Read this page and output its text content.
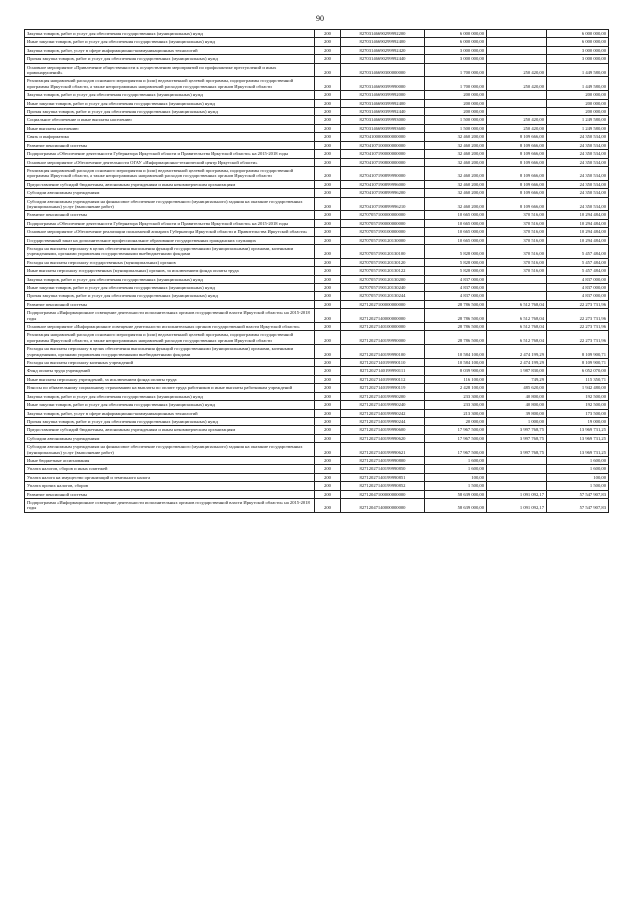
90
Закупка товаров, работ и услуг для обеспечения государственных (муниципальных) нужд	200	82703146690299992200	6 000 000,00		6 000 000,00
Иные закупки товаров, работ и услуг для обеспечения государственных (муниципальных) нужд	200	82703146690299992400	6 000 000,00		6 000 000,00
Закупка товаров, работ, услуг в сфере информационно-коммуникационных технологий	200	82703146690299992420	3 000 000,00		3 000 000,00
Прочая закупка товаров, работ и услуг для обеспечения государственных (муниципальных) нужд	200	82703146690299992440	3 000 000,00		3 000 000,00
Основное мероприятие «Привлечение общественности к осуществлению мероприятий по профилактике преступлений и иных правонарушений»	200	82703146690300000000	1 700 000,00	250 420,00	1 449 580,00
Реализация направлений расходов основного мероприятия и (или) ведомственной целевой программы, подпрограммы государственной программы Иркутской области, а также непрограммных направлений расходов государственных органов Иркутской области	200	82703146690399990000	1 700 000,00	250 420,00	1 449 580,00
Закупка товаров, работ и услуг для обеспечения государственных (муниципальных) нужд	200	82703146690399992000	200 000,00		200 000,00
Иные закупки товаров, работ и услуг для обеспечения государственных (муниципальных) нужд	200	82703146690399992400	200 000,00		200 000,00
Прочая закупка товаров, работ и услуг для обеспечения государственных (муниципальных) нужд	200	82703146690399992440	200 000,00		200 000,00
Социальное обеспечение и иные выплаты населению	200	82703146690399993000	1 500 000,00	250 420,00	1 249 580,00
Иные выплаты населению	200	82703146690399993600	1 500 000,00	250 420,00	1 249 580,00
Связь и информатика	200	82704100000000000000	32 460 200,00	8 109 666,00	24 350 534,00
Развитие пенсионной системы	200	82704107100000000000	32 460 200,00	8 109 666,00	24 350 534,00
Подпрограмма «Обеспечение деятельности Губернатора Иркутской области и Правительства Иркутской области» на 2015-2018 годы	200	82704107190000000000	32 460 200,00	8 109 666,00	24 350 534,00
Основное мероприятие «Обеспечение деятельности ОГАУ «Информационно-технический центр Иркутской области»	200	82704107190800000000	32 460 200,00	8 109 666,00	24 350 534,00
Реализация направлений расходов основного мероприятия и (или) ведомственной целевой программы, подпрограммы государственной программы Иркутской области, а также непрограммных направлений расходов государственных органов Иркутской области	200	82704107190899990000	32 460 200,00	8 109 666,00	24 350 534,00
Предоставление субсидий бюджетным, автономным учреждениям и иным некоммерческим организациям	200	82704107190899996000	32 460 200,00	8 109 666,00	24 350 534,00
Субсидии автономным учреждениям	200	82704107190899996200	32 460 200,00	8 109 666,00	24 350 534,00
Субсидии автономным учреждениям на финансовое обеспечение государственного (муниципального) задания на оказание государственных (муниципальных) услуг (выполнение работ)	200	82704107190899996210	32 460 200,00	8 109 666,00	24 350 534,00
Развитие пенсионной системы	200	82707057100000000000	10 665 000,00	370 516,00	10 294 484,00
Подпрограмма «Обеспечение деятельности Губернатора Иркутской области и Правительства Иркутской области» на 2015-2018 годы	200	82707057190000000000	10 665 000,00	370 516,00	10 294 484,00
Основное мероприятие «Обеспечение реализации полномочий аппарата Губернатора Иркутской области и Правительства Иркутской области»	200	82707057190100000000	10 665 000,00	370 516,00	10 294 484,00
Государственный заказ на дополнительное профессиональное образование государственных гражданских служащих	200	82707057190120130000	10 665 000,00	370 516,00	10 294 484,00
Расходы на выплаты персоналу в целях обеспечения выполнения функций государственными (муниципальными) органами, казенными учреждениями, органами управления государственными внебюджетными фондами	200	82707057190120130100	5 828 000,00	370 516,00	5 457 484,00
Расходы на выплаты персоналу государственных (муниципальных) органов	200	82707057190120130120	5 828 000,00	370 516,00	5 457 484,00
Иные выплаты персоналу государственных (муниципальных) органов, за исключением фонда оплаты труда	200	82707057190120130122	5 828 000,00	370 516,00	5 457 484,00
Закупка товаров, работ и услуг для обеспечения государственных (муниципальных) нужд	200	82707057190120130200	4 837 000,00		4 837 000,00
Иные закупки товаров, работ и услуг для обеспечения государственных (муниципальных) нужд	200	82707057190120130240	4 837 000,00		4 837 000,00
Прочая закупка товаров, работ и услуг для обеспечения государственных (муниципальных) нужд	200	82707057190120130244	4 837 000,00		4 837 000,00
Развитие пенсионной системы	200	82712027100000000000	28 786 500,00	6 512 768,04	22 273 731,96
Подпрограмма «Информационное освещение деятельности исполнительных органов государственной власти Иркутской области» на 2015-2018 годы	200	82712027140000000000	28 786 500,00	6 512 768,04	22 273 731,96
Основное мероприятие «Информационное освещение деятельности исполнительных органов государственной власти Иркутской области»	200	82712027140100000000	28 786 500,00	6 512 768,04	22 273 731,96
Реализация направлений расходов основного мероприятия и (или) ведомственной целевой программы, подпрограммы государственной программы Иркутской области, а также непрограммных направлений расходов государственных органов Иркутской области	200	82712027140199990000	28 786 500,00	6 512 768,04	22 273 731,96
Расходы на выплаты персоналу в целях обеспечения выполнения функций государственными (муниципальными) органами, казенными учреждениями, органами управления государственными внебюджетными фондами	200	82712027140199990100	10 584 100,00	2 474 199,29	8 109 900,71
Расходы на выплаты персоналу казенных учреждений	200	82712027140199990110	10 584 100,00	2 474 199,29	8 109 900,71
Фонд оплаты труда учреждений	200	82712027140199990111	8 039 900,00	1 987 830,00	6 052 070,00
Иные выплаты персоналу учреждений, за исключением фонда оплаты труда	200	82712027140199990112	116 100,00	749,29	115 350,71
Взносы по обязательному социальному страхованию на выплаты по оплате труда работников и иные выплаты работникам учреждений	200	82712027140199990119	2 428 100,00	485 620,00	1 942 480,00
Закупка товаров, работ и услуг для обеспечения государственных (муниципальных) нужд	200	82712027140199990200	233 300,00	40 800,00	192 500,00
Иные закупки товаров, работ и услуг для обеспечения государственных (муниципальных) нужд	200	82712027140199990240	233 300,00	40 800,00	192 500,00
Закупка товаров, работ, услуг в сфере информационно-коммуникационных технологий	200	82712027140199990242	213 300,00	39 800,00	173 500,00
Прочая закупка товаров, работ и услуг для обеспечения государственных (муниципальных) нужд	200	82712027140199990244	20 000,00	1 000,00	19 000,00
Предоставление субсидий бюджетным, автономным учреждениям и иным некоммерческим организациям	200	82712027140199990600	17 967 500,00	3 997 768,75	13 969 731,25
Субсидии автономным учреждениям	200	82712027140199990620	17 967 500,00	3 997 768,75	13 969 731,25
Субсидии автономным учреждениям на финансовое обеспечение государственного (муниципального) задания на оказание государственных (муниципальных) услуг (выполнение работ)	200	82712027140199990621	17 967 500,00	3 997 768,75	13 969 731,25
Иные бюджетные ассигнования	200	82712027140199990800	1 600,00		1 600,00
Уплата налогов, сборов и иных платежей	200	82712027140199990850	1 600,00		1 600,00
Уплата налога на имущество организаций и земельного налога	200	82712027140199990851	100,00		100,00
Уплата прочих налогов, сборов	200	82712027140199990852	1 500,00		1 500,00
Развитие пенсионной системы	200	82712047100000000000	58 639 000,00	1 091 092,17	57 547 907,83
Подпрограмма «Информационное освещение деятельности исполнительных органов государственной власти Иркутской области» на 2015-2018 годы	200	82712047140000000000	58 639 000,00	1 091 092,17	57 547 907,83
